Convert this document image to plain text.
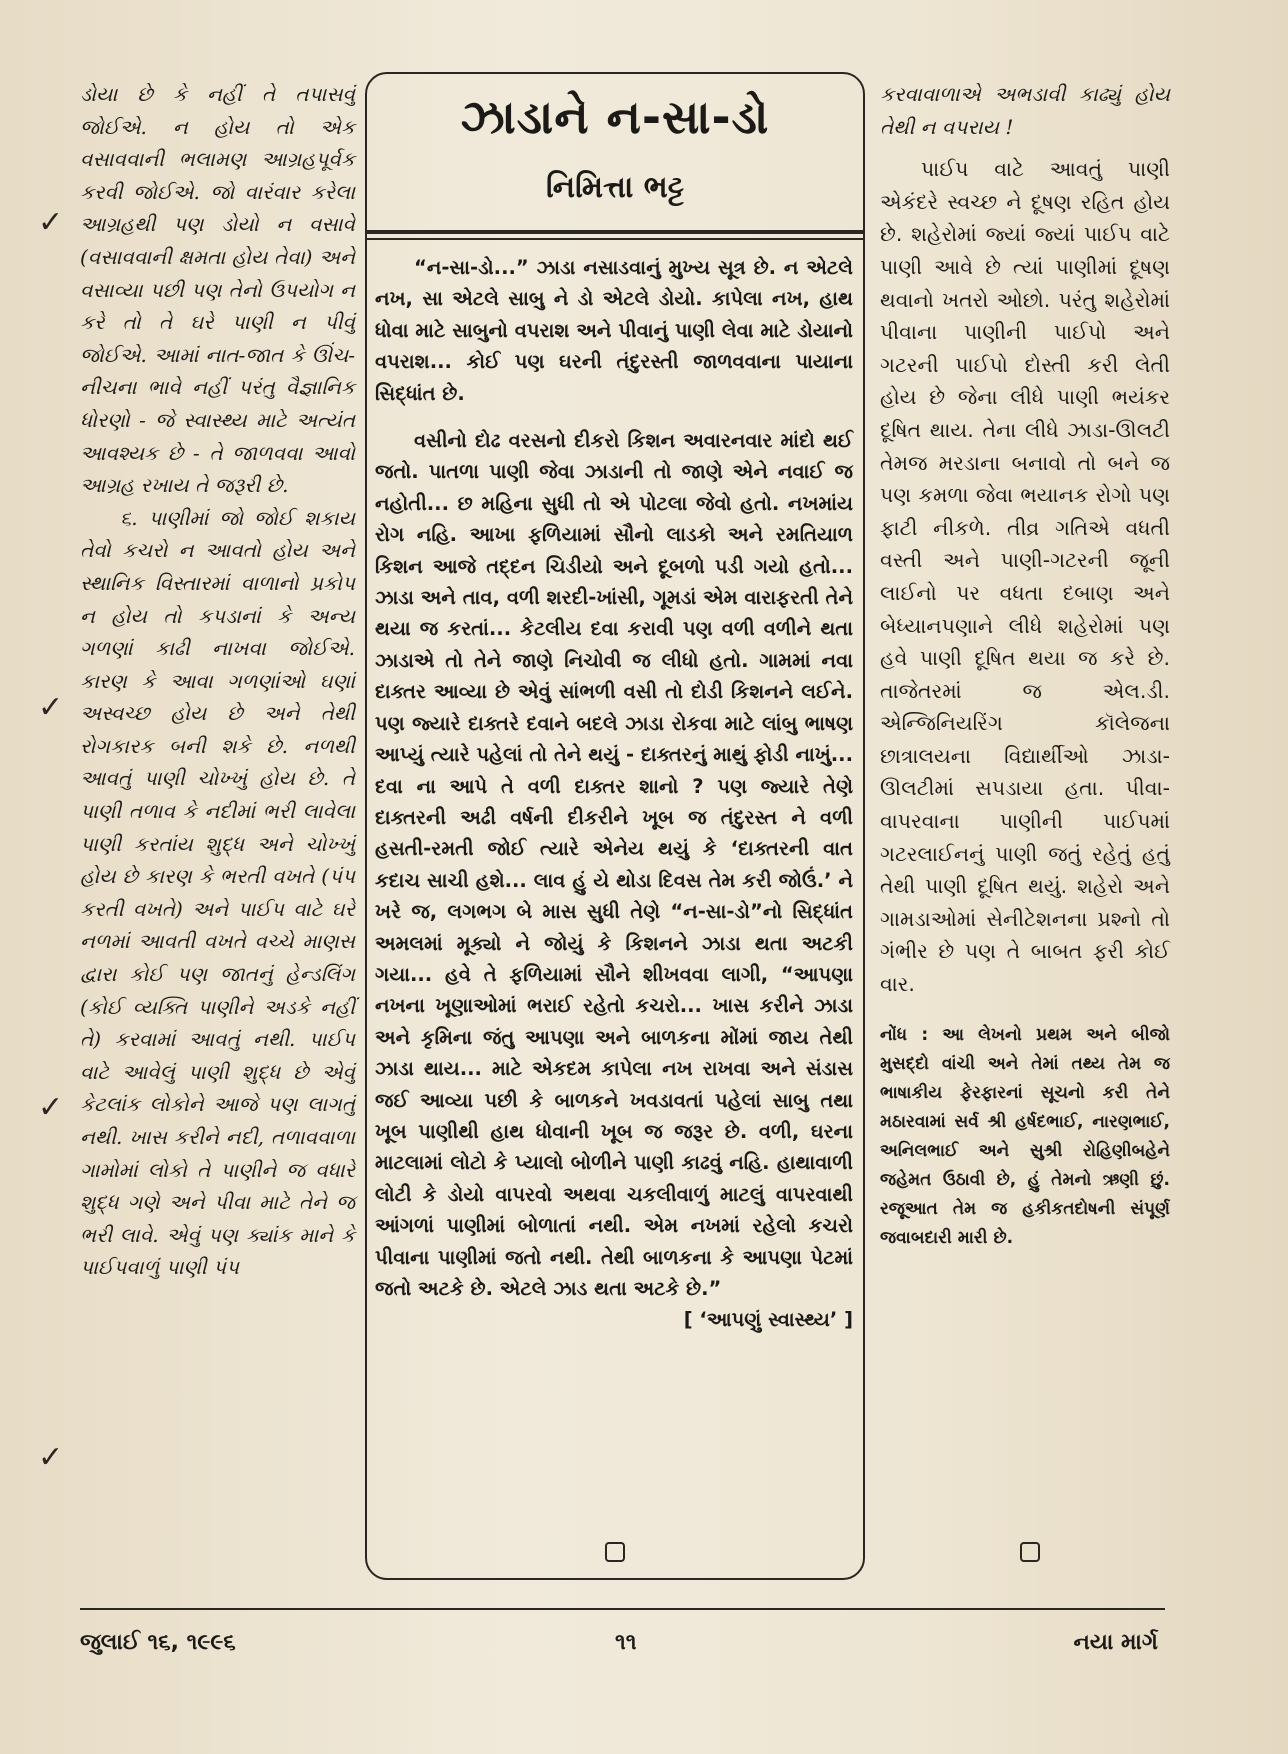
ડોયા છે કે નહીં તે તપાસવું જોઈએ. ન હોય તો એક વસાવવાની ભલામણ આગ્રહપૂર્વક કરવી જોઈએ. જો વારંવાર કરેલા આગ્રહથી પણ ડોયો ન વસાવે (વસાવવાની ક્ષમતા હોય તેવા) અને વસાવ્યા પછી પણ તેનો ઉપયોગ ન કરે તો તે ઘરે પાણી ન પીવું જોઈએ. આમાં નાત-જાત કે ઊંચ-નીચના ભાવે નહીં પરંતુ વૈજ્ઞાનિક ધોરણો - જે સ્વાસ્થ્ય માટે અત્યંત આવશ્યક છે - તે જાળવવા આવો આગ્રહ રખાય તે જરૂરી છે.

૬. પાણીમાં જો જોઈ શકાય તેવો કચરો ન આવતો હોય અને સ્થાનિક વિસ્તારમાં વાળાનો પ્રકોપ ન હોય તો કપડાનાં કે અન્ય ગળણાં કાઢી નાખવા જોઈએ. કારણ કે આવા ગળણાંઓ ઘણાં અસ્વચ્છ હોય છે અને તેથી રોગકારક બની શકે છે. નળથી આવતું પાણી ચોખ્ખું હોય છે. તે પાણી તળાવ કે નદીમાં ભરી લાવેલા પાણી કરતાંય શુદ્ધ અને ચોખ્ખું હોય છે કારણ કે ભરતી વખતે (પંપ કરતી વખતે) અને પાઈપ વાટે ઘરે નળમાં આવતી વખતે વચ્ચે માણસ દ્વારા કોઈ પણ જાતનું હેન્ડલિંગ (કોઈ વ્યક્તિ પાણીને અડકે નહીં તે) કરવામાં આવતું નથી. પાઈપ વાટે આવેલું પાણી શુદ્ધ છે એવું કેટલાંક લોકોને આજે પણ લાગતું નથી. ખાસ કરીને નદી, તળાવવાળા ગામોમાં લોકો તે પાણીને જ વધારે શુદ્ધ ગણે અને પીવા માટે તેને જ ભરી લાવે. એવું પણ ક્યાંક માને કે પાઈપવાળું પાણી પંપ

ઝાડાને ન-સા-ડો
નિમિત્તા ભટ્ટ

“ન-સા-ડો...” ઝાડા નસાડવાનું મુખ્ય સૂત્ર છે. ન એટલે નખ, સા એટલે સાબુ ને ડો એટલે ડોયો. કાપેલા નખ, હાથ ધોવા માટે સાબુનો વપરાશ અને પીવાનું પાણી લેવા માટે ડોયાનો વપરાશ... કોઈ પણ ઘરની તંદુરસ્તી જાળવવાના પાયાના સિદ્ધાંત છે.

વસીનો દોઢ વરસનો દીકરો કિશન અવારનવાર માંદો થઈ જતો. પાતળા પાણી જેવા ઝાડાની તો જાણે એને નવાઈ જ નહોતી... છ મહિના સુધી તો એ પોટલા જેવો હતો. નખમાંય રોગ નહિ. આખા ફળિયામાં સૌનો લાડકો અને રમતિયાળ કિશન આજે તદ્દન ચિડીયો અને દૂબળો પડી ગયો હતો... ઝાડા અને તાવ, વળી શરદી-ખાંસી, ગૂમડાં એમ વારાફરતી તેને થયા જ કરતાં... કેટલીય દવા કરાવી પણ વળી વળીને થતા ઝાડાએ તો તેને જાણે નિચોવી જ લીધો હતો. ગામમાં નવા દાક્તર આવ્યા છે એવું સાંભળી વસી તો દોડી કિશનને લઈને. પણ જ્યારે દાક્તરે દવાને બદલે ઝાડા રોકવા માટે લાંબુ ભાષણ આપ્યું ત્યારે પહેલાં તો તેને થયું - દાક્તરનું માથું ફોડી નાખું... દવા ના આપે તે વળી દાક્તર શાનો ? પણ જ્યારે તેણે દાક્તરની અઢી વર્ષની દીકરીને ખૂબ જ તંદુરસ્ત ને વળી હસતી-રમતી જોઈ ત્યારે એનેય થયું કે ‘દાક્તરની વાત કદાચ સાચી હશે... લાવ હું યે થોડા દિવસ તેમ કરી જોઉં.’ ને ખરે જ, લગભગ બે માસ સુધી તેણે “ન-સા-ડો”નો સિદ્ધાંત અમલમાં મૂક્યો ને જોયું કે કિશનને ઝાડા થતા અટકી ગયા... હવે તે ફળિયામાં સૌને શીખવવા લાગી, “આપણા નખના ખૂણાઓમાં ભરાઈ રહેતો કચરો... ખાસ કરીને ઝાડા અને કૃમિના જંતુ આપણા અને બાળકના મોંમાં જાય તેથી ઝાડા થાય... માટે એકદમ કાપેલા નખ રાખવા અને સંડાસ જઈ આવ્યા પછી કે બાળકને ખવડાવતાં પહેલાં સાબુ તથા ખૂબ પાણીથી હાથ ધોવાની ખૂબ જ જરૂર છે. વળી, ઘરના માટલામાં લોટો કે પ્યાલો બોળીને પાણી કાઢવું નહિ. હાથાવાળી લોટી કે ડોયો વાપરવો અથવા ચકલીવાળું માટલું વાપરવાથી આંગળાં પાણીમાં બોળાતાં નથી. એમ નખમાં રહેલો કચરો પીવાના પાણીમાં જતો નથી. તેથી બાળકના કે આપણા પેટમાં જતો અટકે છે. એટલે ઝાડ થતા અટકે છે.”

[ ‘આપણું સ્વાસ્થ્ય’ ]

કરવાવાળાએ અભડાવી કાઢ્યું હોય તેથી ન વપરાય !

પાઈપ વાટે આવતું પાણી એકંદરે સ્વચ્છ ને દૂષણ રહિત હોય છે. શહેરોમાં જ્યાં જ્યાં પાઈપ વાટે પાણી આવે છે ત્યાં પાણીમાં દૂષણ થવાનો ખતરો ઓછો. પરંતુ શહેરોમાં પીવાના પાણીની પાઈપો અને ગટરની પાઈપો દોસ્તી કરી લેતી હોય છે જેના લીધે પાણી ભયંકર દૂષિત થાય. તેના લીધે ઝાડા-ઊલટી તેમજ મરડાના બનાવો તો બને જ પણ કમળા જેવા ભયાનક રોગો પણ ફાટી નીકળે. તીવ્ર ગતિએ વધતી વસ્તી અને પાણી-ગટરની જૂની લાઈનો પર વધતા દબાણ અને બેધ્યાનપણાને લીધે શહેરોમાં પણ હવે પાણી દૂષિત થયા જ કરે છે. તાજેતરમાં જ એલ.ડી. એન્જિનિયરિંગ કૉલેજના છાત્રાલયના વિદ્યાર્થીઓ ઝાડા-ઊલટીમાં સપડાયા હતા. પીવા-વાપરવાના પાણીની પાઈપમાં ગટરલાઈનનું પાણી જતું રહેતું હતું તેથી પાણી દૂષિત થયું. શહેરો અને ગામડાઓમાં સેનીટેશનના પ્રશ્નો તો ગંભીર છે પણ તે બાબત ફરી કોઈ વાર.

નોંધ : આ લેખનો પ્રથમ અને બીજો મુસદ્દો વાંચી અને તેમાં તથ્ય તેમ જ ભાષાકીય ફેરફારનાં સૂચનો કરી તેને મઠારવામાં સર્વ શ્રી હર્ષદભાઈ, નારણભાઈ, અનિલભાઈ અને સુશ્રી રોહિણીબહેને જહેમત ઉઠાવી છે, હું તેમનો ઋણી છું. રજૂઆત તેમ જ હકીકતદોષની સંપૂર્ણ જવાબદારી મારી છે.

✓
✓
✓
✓
જુલાઈ ૧૬, ૧૯૯૬	૧૧	નયા માર્ગ
